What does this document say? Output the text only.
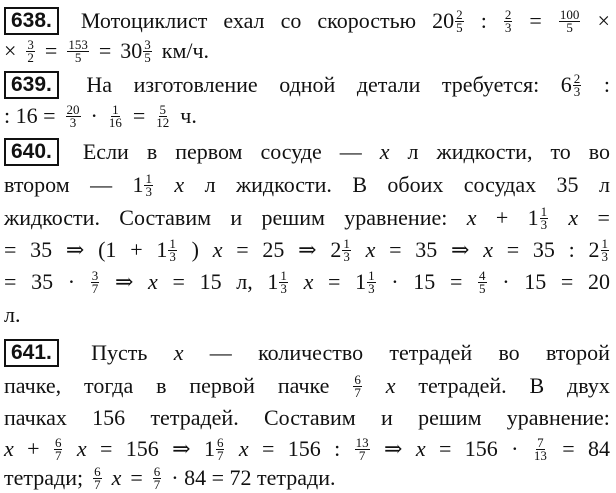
638.	Мотоциклист ехал со скоростью $20 \frac{2}{5}$ : $\frac{2}{3} = \frac{100}{5}$ ×
× $\frac{3}{2} = \frac{153}{5} = 30 \frac{3}{5} км/ч$.
639.	На изготовление одной детали требуется: $6 \frac{2}{3}$ :
: $16 = \frac{20}{3} \cdot \frac{1}{16} = \frac{5}{12} ч$.
640.	Если в первом сосуде — x л жидкости, то во
втором — $1 \frac{1}{3}$ x л жидкости. В обоих сосудах 35 л
жидкости. Составим и решим уравнение: $x + 1 \frac{1}{3}$ x =
= 35 ⇒ ($1 + 1 \frac{1}{3}$ ) x = 25 ⇒ $2 \frac{1}{3}$ x = 35 ⇒ x = 35 : $2 \frac{1}{3}$
= $35 \cdot \frac{3}{7}$ ⇒ x = 15 л, $1 \frac{1}{3}$ $x = 1 \frac{1}{3} \cdot 15 = \frac{4}{5} \cdot 15 = 20$
л.
641.	Пусть x — количество тетрадей во второй
пачке, тогда в первой пачке $\frac{6}{7}$ x тетрадей. В двух
пачках 156 тетрадей. Составим и решим уравнение:
$x + \frac{6}{7}$ x = 156 ⇒ $1 \frac{6}{7}$ x = 156 : $\frac{13}{7}$ ⇒ $x = 156 \cdot \frac{7}{13} = 84$
тетради; $\frac{6}{7}$ $x = \frac{6}{7} \cdot 84 = 72$ тетради.
